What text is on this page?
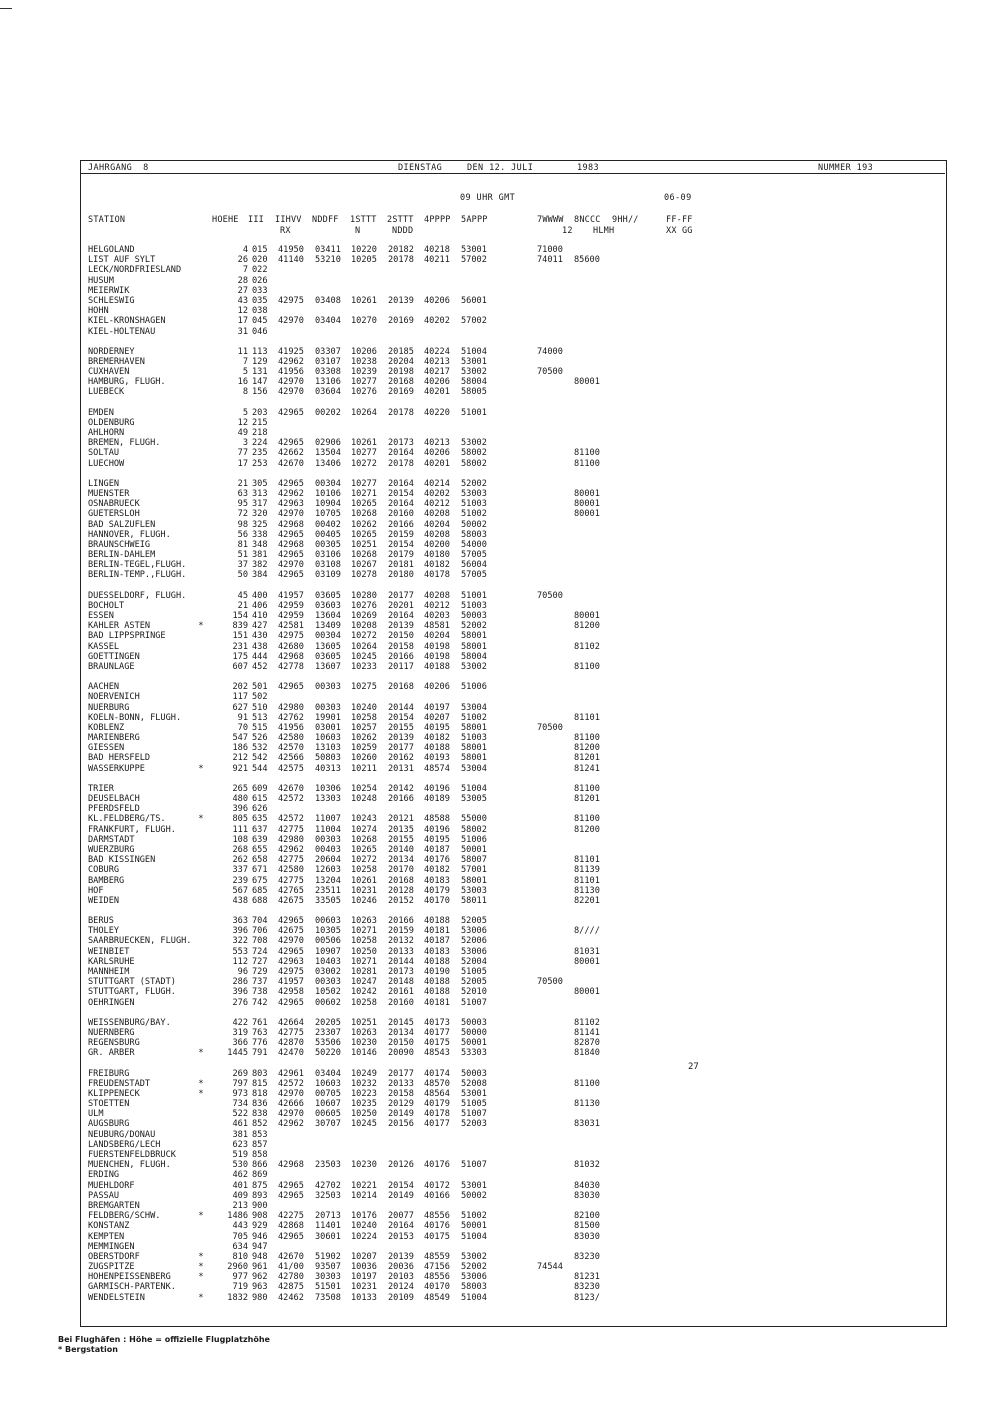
JAHRGANG  8	DIENSTAG	DEN 12. JULI	1983	NUMMER 193
09 UHR GMT	06-09
STATION	HOEHE III IIHVV NDDFF 1STTT 2STTT 4PPPP 5APPP	7WWWW 8NCCC 9HH//	FF-FF
RX	N	NDDD	12 HLMH	XX GG
HELGOLAND	4 015	41950 03411 10220 20182 40218 53001	71000
LIST AUF SYLT	26 020	41140 53210 10205 20178 40211 57002	74011 85600
LECK/NORDFRIESLAND	7 022
HUSUM	28 026
MEIERWIK	27 033
SCHLESWIG	43 035	42975 03408 10261 20139 40206 56001
HOHN	12 038
KIEL-KRONSHAGEN	17 045	42970 03404 10270 20169 40202 57002
KIEL-HOLTENAU	31 046
NORDERNEY	11 113	41925 03307 10206 20185 40224 51004	74000
BREMERHAVEN	7 129	42962 03107 10238 20204 40213 53001
CUXHAVEN	5 131	41956 03308 10239 20198 40217 53002	70500
HAMBURG, FLUGH.	16 147	42970 13106 10277 20168 40206 58004	80001
LUEBECK	8 156	42970 03604 10276 20169 40201 58005
EMDEN	5 203	42965 00202 10264 20178 40220 51001
OLDENBURG	12 215
AHLHORN	49 218
BREMEN, FLUGH.	3 224	42965 02906 10261 20173 40213 53002
SOLTAU	77 235	42662 13504 10277 20164 40206 58002	81100
LUECHOW	17 253	42670 13406 10272 20178 40201 58002	81100
LINGEN	21 305	42965 00304 10277 20164 40214 52002
MUENSTER	63 313	42962 10106 10271 20154 40202 53003	80001
OSNABRUECK	95 317	42963 10904 10265 20164 40212 51003	80001
GUETERSLOH	72 320	42970 10705 10268 20160 40208 51002	80001
BAD SALZUFLEN	98 325	42968 00402 10262 20166 40204 50002
HANNOVER, FLUGH.	56 338	42965 00405 10265 20159 40208 58003
BRAUNSCHWEIG	81 348	42968 00305 10251 20154 40200 54000
BERLIN-DAHLEM	51 381	42965 03106 10268 20179 40180 57005
BERLIN-TEGEL,FLUGH.	37 382	42970 03108 10267 20181 40182 56004
BERLIN-TEMP.,FLUGH.	50 384	42965 03109 10278 20180 40178 57005
DUESSELDORF, FLUGH.	45 400	41957 03605 10280 20177 40208 51001	70500
BOCHOLT	21 406	42959 03603 10276 20201 40212 51003
ESSEN	154 410	42959 13604 10269 20164 40203 50003	80001
KAHLER ASTEN	*	839 427	42581 13409 10208 20139 48581 52002	81200
BAD LIPPSPRINGE	151 430	42975 00304 10272 20150 40204 58001
KASSEL	231 438	42680 13605 10264 20158 40198 58001	81102
GOETTINGEN	175 444	42968 03605 10245 20166 40198 58004
BRAUNLAGE	607 452	42778 13607 10233 20117 40188 53002	81100
AACHEN	202 501	42965 00303 10275 20168 40206 51006
NOERVENICH	117 502
NUERBURG	627 510	42980 00303 10240 20144 40197 53004
KOELN-BONN, FLUGH.	91 513	42762 19901 10258 20154 40207 51002	81101
KOBLENZ	70 515	41956 03001 10257 20155 40195 58001	70500
MARIENBERG	547 526	42580 10603 10262 20139 40182 51003	81100
GIESSEN	186 532	42570 13103 10259 20177 40188 58001	81200
BAD HERSFELD	212 542	42566 50803 10260 20162 40193 58001	81201
WASSERKUPPE	*	921 544	42575 40313 10211 20131 48574 53004	81241
TRIER	265 609	42670 10306 10254 20142 40196 51004	81100
DEUSELBACH	480 615	42572 13303 10248 20166 40189 53005	81201
PFERDSFELD	396 626
KL.FELDBERG/TS.	*	805 635	42572 11007 10243 20121 48588 55000	81100
FRANKFURT, FLUGH.	111 637	42775 11004 10274 20135 40196 58002	81200
DARMSTADT	108 639	42980 00303 10268 20155 40195 51006
WUERZBURG	268 655	42962 00403 10265 20140 40187 50001
BAD KISSINGEN	262 658	42775 20604 10272 20134 40176 58007	81101
COBURG	337 671	42580 12603 10258 20170 40182 57001	81139
BAMBERG	239 675	42775 13204 10261 20168 40183 58001	81101
HOF	567 685	42765 23511 10231 20128 40179 53003	81130
WEIDEN	438 688	42675 33505 10246 20152 40170 58011	82201
BERUS	363 704	42965 00603 10263 20166 40188 52005
THOLEY	396 706	42675 10305 10271 20159 40181 53006	8////
SAARBRUECKEN, FLUGH.	322 708	42970 00506 10258 20132 40187 52006
WEINBIET	553 724	42965 10907 10250 20133 40183 53006	81031
KARLSRUHE	112 727	42963 10403 10271 20144 40188 52004	80001
MANNHEIM	96 729	42975 03002 10281 20173 40190 51005
STUTTGART (STADT)	286 737	41957 00303 10247 20148 40188 52005	70500
STUTTGART, FLUGH.	396 738	42958 10502 10242 20161 40188 52010	80001
OEHRINGEN	276 742	42965 00602 10258 20160 40181 51007
WEISSENBURG/BAY.	422 761	42664 20205 10251 20145 40173 50003	81102
NUERNBERG	319 763	42775 23307 10263 20134 40177 50000	81141
REGENSBURG	366 776	42870 53506 10230 20150 40175 50001	82870
GR. ARBER	*	1445 791	42470 50220 10146 20090 48543 53303	81840
FREIBURG	269 803	42961 03404 10249 20177 40174 50003
FREUDENSTADT	*	797 815	42572 10603 10232 20133 48570 52008	81100
KLIPPENECK	*	973 818	42970 00705 10223 20158 48564 53001
STOETTEN	734 836	42666 10607 10235 20129 40179 51005	81130
ULM	522 838	42970 00605 10250 20149 40178 51007
AUGSBURG	461 852	42962 30707 10245 20156 40177 52003	83031
NEUBURG/DONAU	381 853
LANDSBERG/LECH	623 857
FUERSTENFELDBRUCK	519 858
MUENCHEN, FLUGH.	530 866	42968 23503 10230 20126 40176 51007	81032
ERDING	462 869
MUEHLDORF	401 875	42965 42702 10221 20154 40172 53001	84030
PASSAU	409 893	42965 32503 10214 20149 40166 50002	83030
BREMGARTEN	213 900
FELDBERG/SCHW.	*	1486 908	42275 20713 10176 20077 48556 51002	82100
KONSTANZ	443 929	42868 11401 10240 20164 40176 50001	81500
KEMPTEN	705 946	42965 30601 10224 20153 40175 51004	83030
MEMMINGEN	634 947
OBERSTDORF	*	810 948	42670 51902 10207 20139 48559 53002	83230
ZUGSPITZE	*	2960 961	41/00 93507 10036 20036 47156 52002	74544
HOHENPEISSENBERG	*	977 962	42780 30303 10197 20103 48556 53006	81231
GARMISCH-PARTENK.	719 963	42875 51501 10231 20124 40170 58003	83230
WENDELSTEIN	*	1832 980	42462 73508 10133 20109 48549 51004	8123/
27
Bei Flughäfen : Höhe = offizielle Flugplatzhöhe
* Bergstation
